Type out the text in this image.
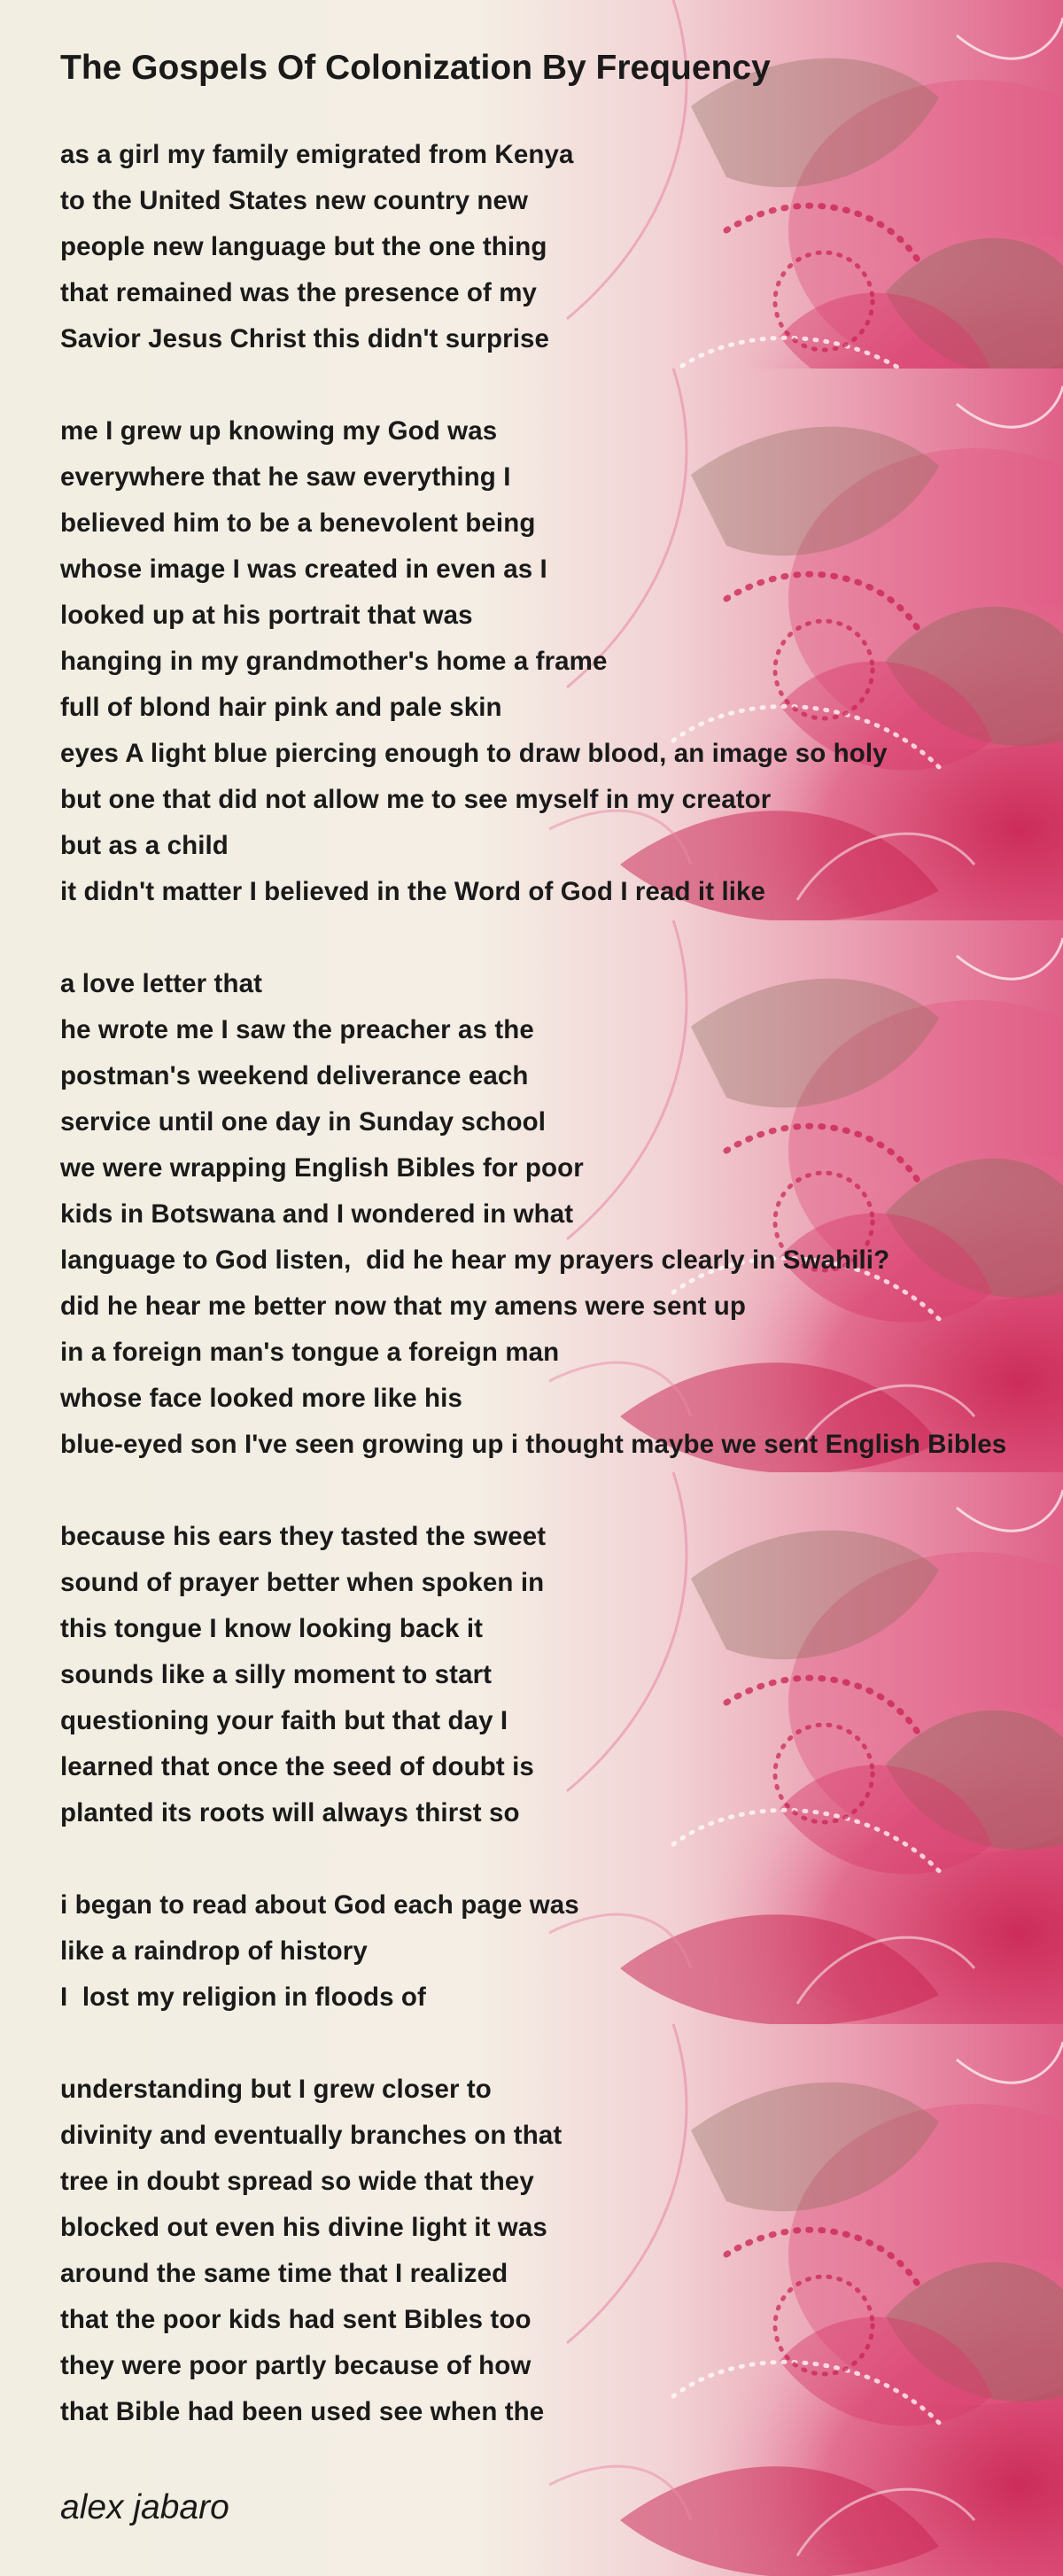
The Gospels Of Colonization By Frequency

as a girl my family emigrated from Kenya

to the United States new country new

people new language but the one thing

that remained was the presence of my

Savior Jesus Christ this didn't surprise

me I grew up knowing my God was

everywhere that he saw everything I

believed him to be a benevolent being

whose image I was created in even as I

looked up at his portrait that was

hanging in my grandmother's home a frame

full of blond hair pink and pale skin

eyes A light blue piercing enough to draw blood, an image so holy

but one that did not allow me to see myself in my creator

but as a child

it didn't matter I believed in the Word of God I read it like

a love letter that

he wrote me I saw the preacher as the

postman's weekend deliverance each

service until one day in Sunday school

we were wrapping English Bibles for poor

kids in Botswana and I wondered in what

language to God listen,  did he hear my prayers clearly in Swahili?

did he hear me better now that my amens were sent up

in a foreign man's tongue a foreign man

whose face looked more like his

blue-eyed son I've seen growing up i thought maybe we sent English Bibles

because his ears they tasted the sweet

sound of prayer better when spoken in

this tongue I know looking back it

sounds like a silly moment to start

questioning your faith but that day I

learned that once the seed of doubt is

planted its roots will always thirst so

i began to read about God each page was

like a raindrop of history

I  lost my religion in floods of

understanding but I grew closer to

divinity and eventually branches on that

tree in doubt spread so wide that they

blocked out even his divine light it was

around the same time that I realized

that the poor kids had sent Bibles too

they were poor partly because of how

that Bible had been used see when the

alex jabaro
